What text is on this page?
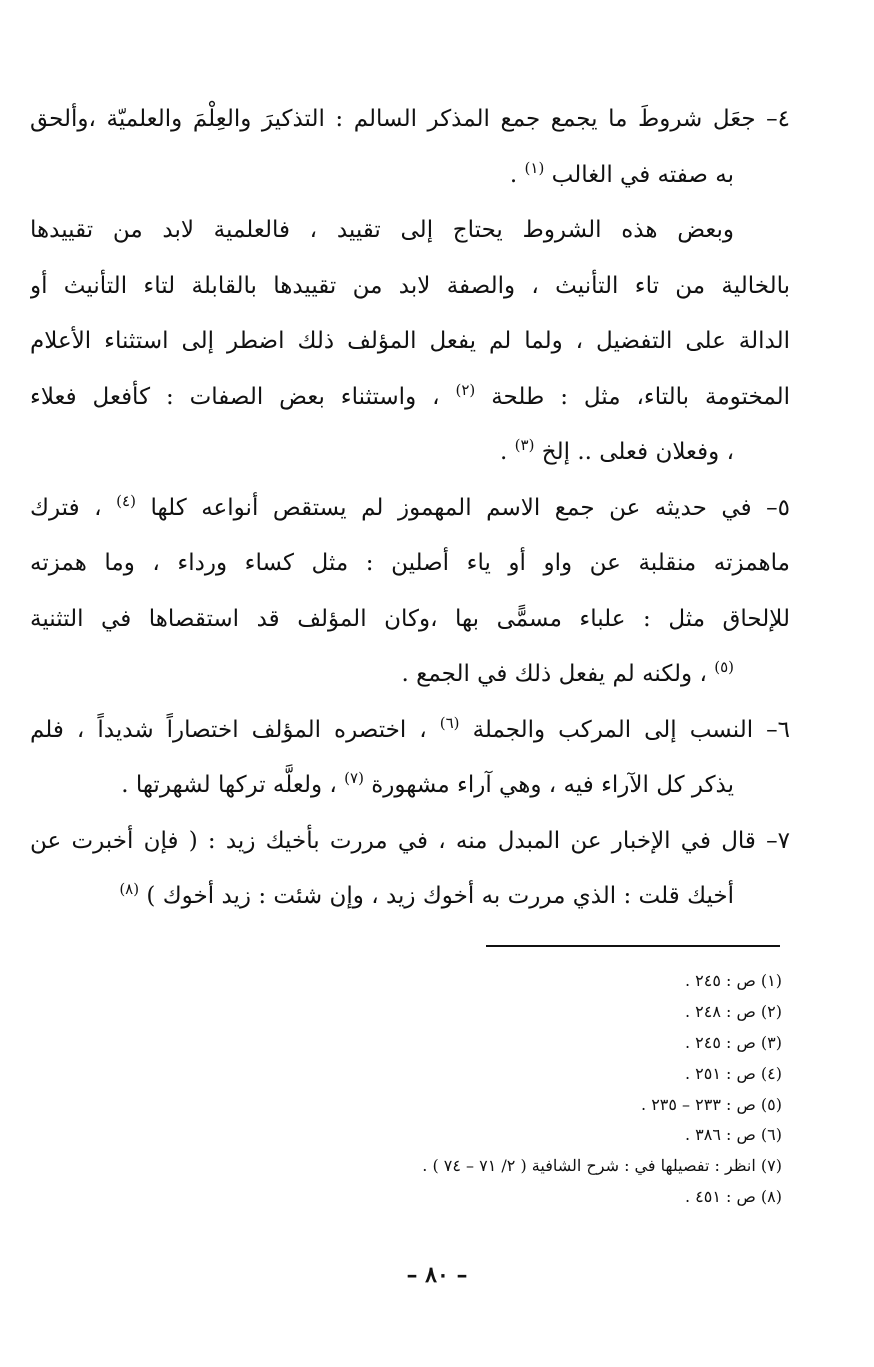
٤– جعَل شروطَ ما يجمع جمع المذكر السالم : التذكيرَ والعِلْمَ والعلميّة ،وألحق
به صفته في الغالب $^{(١)}$ .
وبعض هذه الشروط يحتاج إلى تقييد ، فالعلمية لابد من تقييدها
بالخالية من تاء التأنيث ، والصفة لابد من تقييدها بالقابلة لتاء التأنيث أو
الدالة على التفضيل ، ولما لم يفعل المؤلف ذلك اضطر إلى استثناء الأعلام
المختومة بالتاء، مثل : طلحة $^{(٢)}$ ، واستثناء بعض الصفات : كأفعل فعلاء
، وفعلان فعلى .. إلخ $^{(٣)}$ .
٥– في حديثه عن جمع الاسم المهموز لم يستقص أنواعه كلها $^{(٤)}$ ، فترك
ماهمزته منقلبة عن واو أو ياء أصلين : مثل كساء ورداء ، وما همزته
للإلحاق مثل : علباء مسمًّى بها ،وكان المؤلف قد استقصاها في التثنية
$^{(٥)}$ ، ولكنه لم يفعل ذلك في الجمع .
٦– النسب إلى المركب والجملة $^{(٦)}$ ، اختصره المؤلف اختصاراً شديداً ، فلم
يذكر كل الآراء فيه ، وهي آراء مشهورة $^{(٧)}$ ، ولعلَّه تركها لشهرتها .
٧– قال في الإخبار عن المبدل منه ، في مررت بأخيك زيد : ( فإن أخبرت عن
أخيك قلت : الذي مررت به أخوك زيد ، وإن شئت : زيد أخوك ) $^{(٨)}$
(١) ص : ٢٤٥ .
(٢) ص : ٢٤٨ .
(٣) ص : ٢٤٥ .
(٤) ص : ٢٥١ .
(٥) ص : ٢٣٣ – ٢٣٥ .
(٦) ص : ٣٨٦ .
(٧) انظر : تفصيلها في : شرح الشافية ( ٢/ ٧١ – ٧٤ ) .
(٨) ص : ٤٥١ .
– ٨٠ –
